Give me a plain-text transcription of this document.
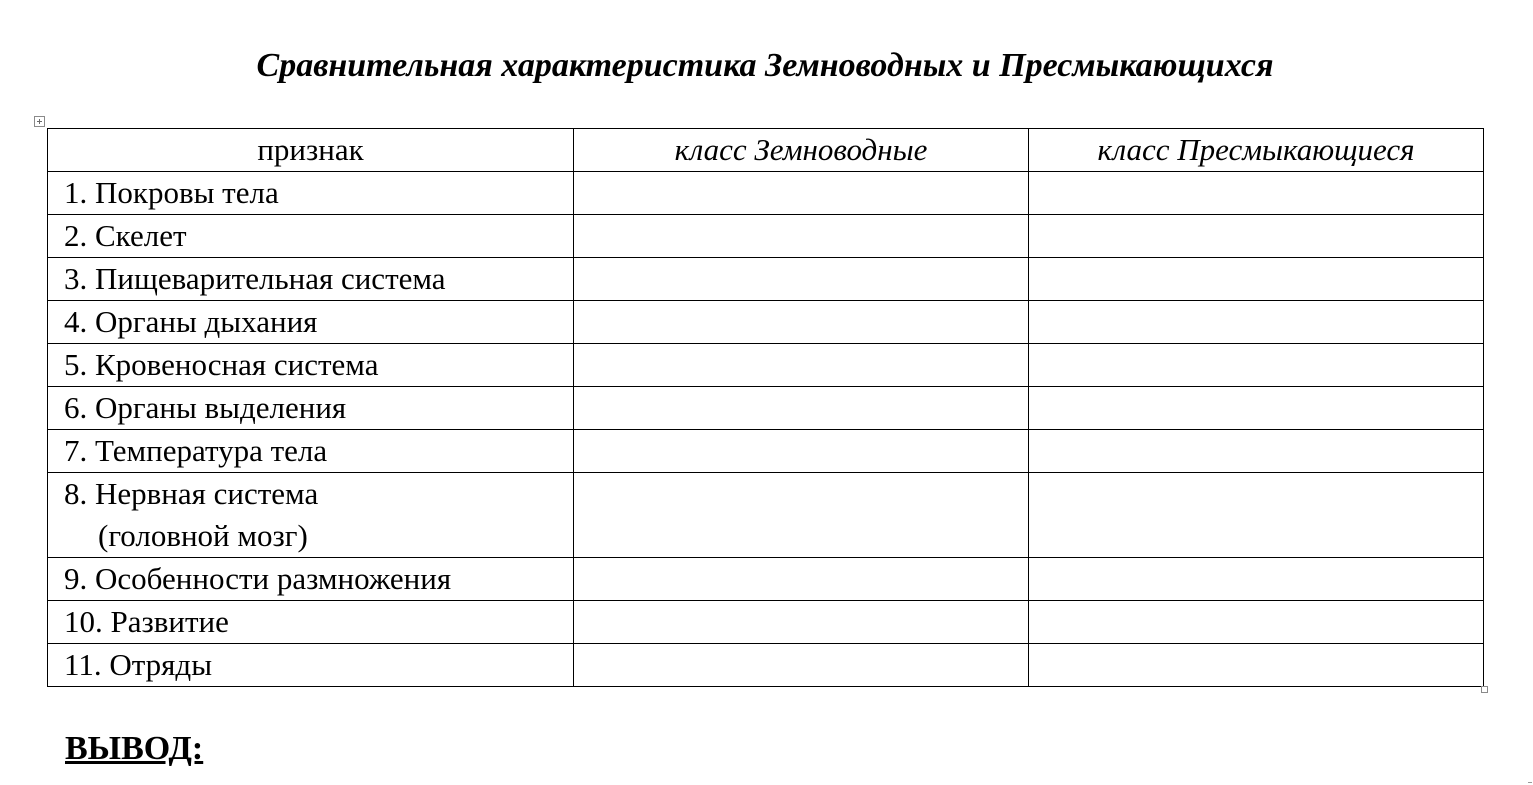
Сравнительная характеристика Земноводных и Пресмыкающихся
признак	класс Земноводные	класс Пресмыкающиеся
1. Покровы тела		
2. Скелет		
3. Пищеварительная система		
4. Органы дыхания		
5. Кровеносная система		
6. Органы выделения		
7. Температура тела		
8. Нервная система
(головной мозг)		

9. Особенности размножения		
10. Развитие		
11. Отряды		
ВЫВОД:
